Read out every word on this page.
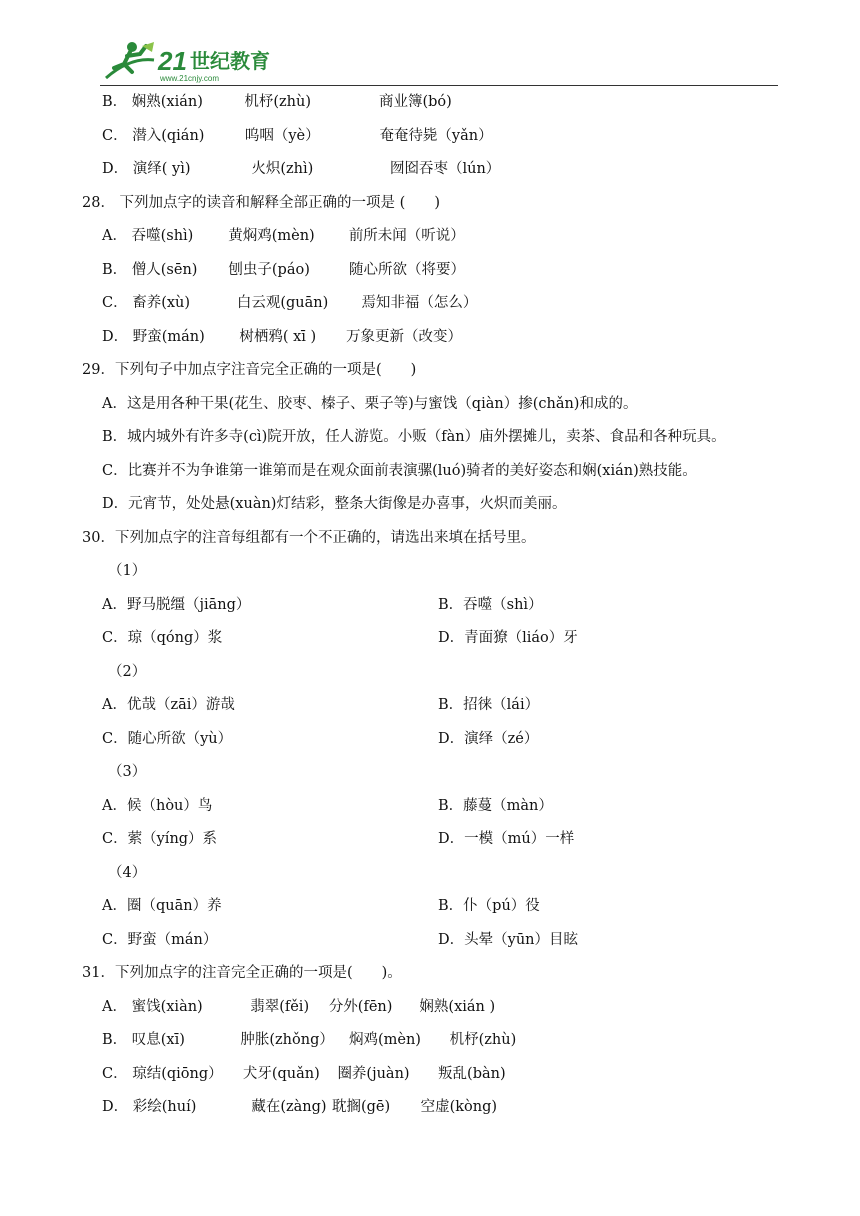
21 世纪教育
www.21cnjy.com
B． 娴熟(xián)	机杼(zhù)	商业簿(bó)
C． 潜入(qián)	呜咽（yè）	奄奄待毙（yǎn）
D． 演绎( yì)	火炽(zhì)	囫囵吞枣（lún）
28． 下列加点字的读音和解释全部正确的一项是 (　　)
A． 吞噬(shì) 黄焖鸡(mèn) 前所未闻（听说）
B． 僧人(sēn) 刨虫子(páo)	随心所欲（将要）
C． 畜养(xù)	白云观(guān) 焉知非福（怎么）
D． 野蛮(mán) 树栖鸦( xī ) 万象更新（改变）
29．下列句子中加点字注音完全正确的一项是(　　)
A．这是用各种干果(花生、胶枣、榛子、栗子等)与蜜饯（qiàn）掺(chǎn)和成的。
B．城内城外有许多寺(cì)院开放，任人游览。小贩（fàn）庙外摆摊儿，卖茶、食品和各种玩具。
C．比赛并不为争谁第一谁第而是在观众面前表演骡(luó)骑者的美好姿态和娴(xián)熟技能。
D．元宵节，处处悬(xuàn)灯结彩，整条大街像是办喜事，火炽而美丽。
30．下列加点字的注音每组都有一个不正确的，请选出来填在括号里。
（1）
A．野马脱缰（jiāng）	B．吞噬（shì）
C．琼（qóng）浆	D．青面獠（liáo）牙
（2）
A．优哉（zāi）游哉	B．招徕（lái）
C．随心所欲（yù）	D．演绎（zé）
（3）
A．候（hòu）鸟	B．藤蔓（màn）
C．萦（yíng）系	D．一模（mú）一样
（4）
A．圈（quān）养	B．仆（pú）役
C．野蛮（mán）	D．头晕（yūn）目眩
31．下列加点字的注音完全正确的一项是(　　)。
A． 蜜饯(xiàn)	翡翠(fěi) 分外(fēn) 娴熟(xián )
B． 叹息(xī)	肿胀(zhǒng） 焖鸡(mèn) 机杼(zhù)
C． 琼结(qiōng） 犬牙(quǎn) 圈养(juàn) 叛乱(bàn)
D． 彩绘(huí)	藏在(zàng) 耽搁(gē) 空虚(kòng)
